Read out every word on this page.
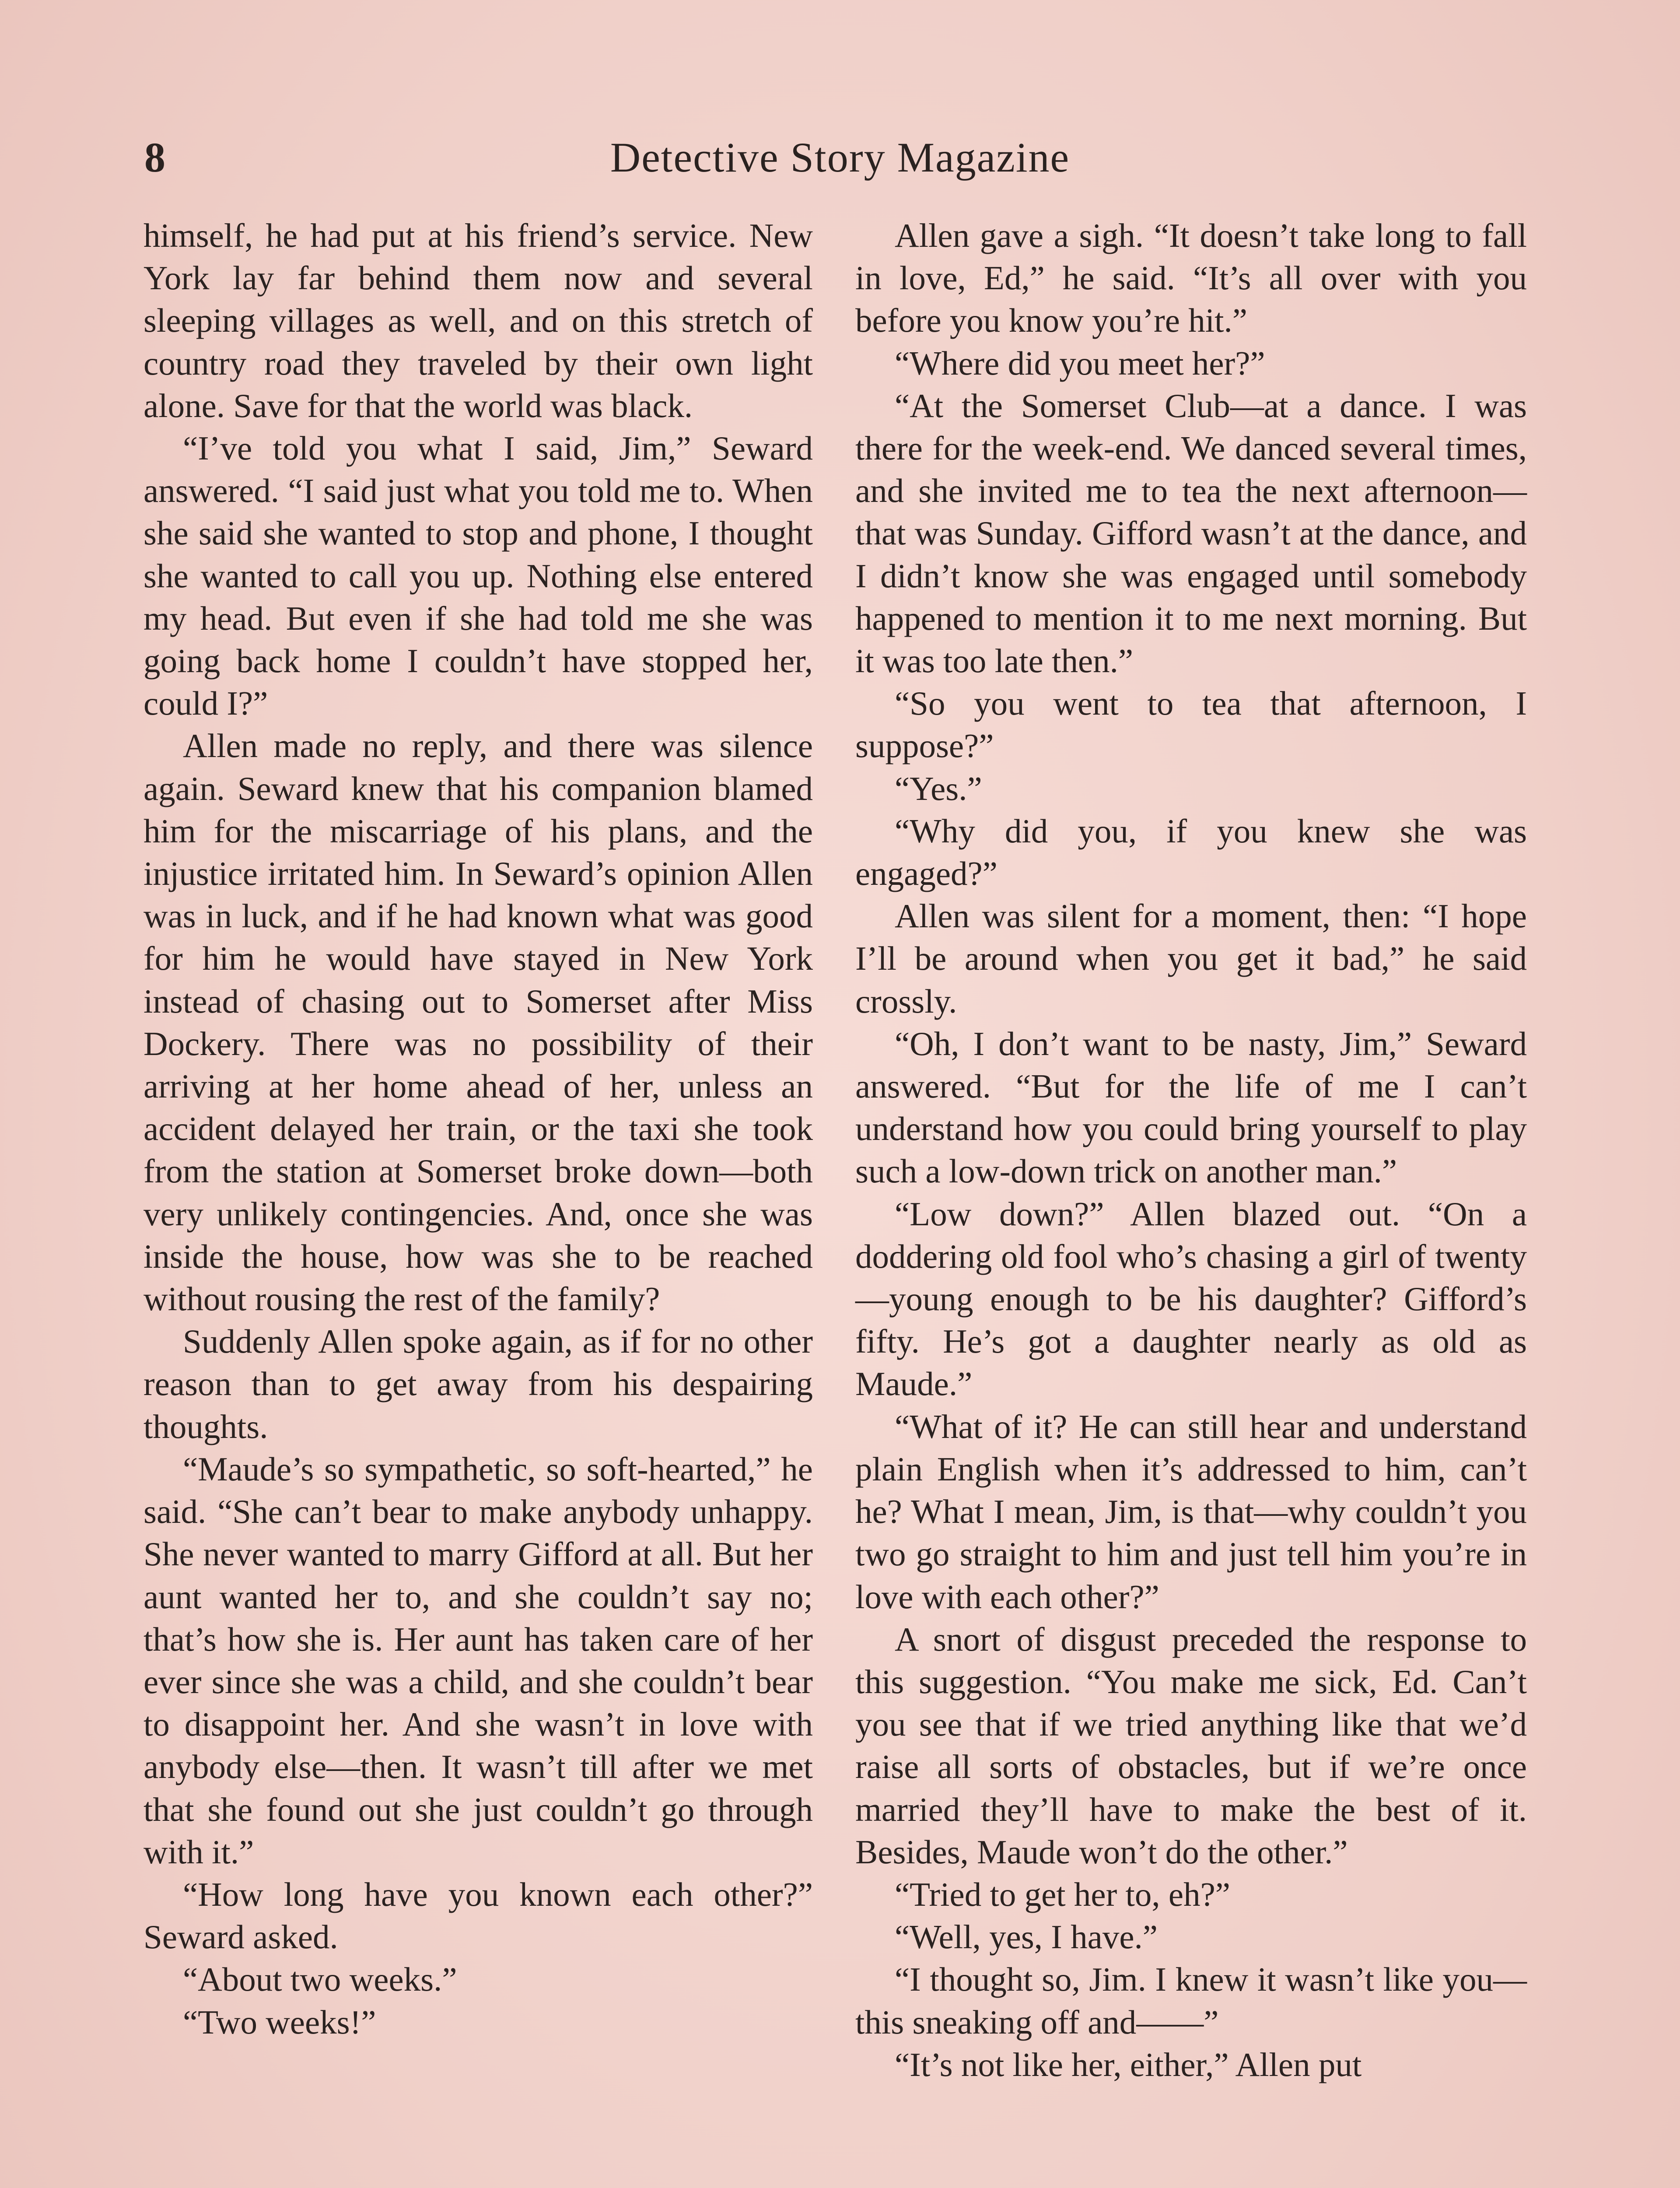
8	Detective Story Magazine

himself, he had put at his friend’s service. New York lay far behind them now and several sleeping villages as well, and on this stretch of country road they traveled by their own light alone. Save for that the world was black.

“I’ve told you what I said, Jim,” Seward answered. “I said just what you told me to. When she said she wanted to stop and phone, I thought she wanted to call you up. Nothing else entered my head. But even if she had told me she was going back home I couldn’t have stopped her, could I?”

Allen made no reply, and there was silence again. Seward knew that his companion blamed him for the miscarriage of his plans, and the injustice irritated him. In Seward’s opinion Allen was in luck, and if he had known what was good for him he would have stayed in New York instead of chasing out to Somerset after Miss Dockery. There was no possibility of their arriving at her home ahead of her, unless an accident delayed her train, or the taxi she took from the station at Somerset broke down—both very unlikely contingencies. And, once she was inside the house, how was she to be reached without rousing the rest of the family?

Suddenly Allen spoke again, as if for no other reason than to get away from his despairing thoughts.

“Maude’s so sympathetic, so soft-hearted,” he said. “She can’t bear to make anybody unhappy. She never wanted to marry Gifford at all. But her aunt wanted her to, and she couldn’t say no; that’s how she is. Her aunt has taken care of her ever since she was a child, and she couldn’t bear to disappoint her. And she wasn’t in love with anybody else—then. It wasn’t till after we met that she found out she just couldn’t go through with it.”

“How long have you known each other?” Seward asked.

“About two weeks.”

“Two weeks!”

Allen gave a sigh. “It doesn’t take long to fall in love, Ed,” he said. “It’s all over with you before you know you’re hit.”

“Where did you meet her?”

“At the Somerset Club—at a dance. I was there for the week-end. We danced several times, and she invited me to tea the next afternoon—that was Sunday. Gifford wasn’t at the dance, and I didn’t know she was engaged until somebody happened to mention it to me next morning. But it was too late then.”

“So you went to tea that afternoon, I suppose?”

“Yes.”

“Why did you, if you knew she was engaged?”

Allen was silent for a moment, then: “I hope I’ll be around when you get it bad,” he said crossly.

“Oh, I don’t want to be nasty, Jim,” Seward answered. “But for the life of me I can’t understand how you could bring yourself to play such a low-down trick on another man.”

“Low down?” Allen blazed out. “On a doddering old fool who’s chasing a girl of twenty—young enough to be his daughter? Gifford’s fifty. He’s got a daughter nearly as old as Maude.”

“What of it? He can still hear and understand plain English when it’s addressed to him, can’t he? What I mean, Jim, is that—why couldn’t you two go straight to him and just tell him you’re in love with each other?”

A snort of disgust preceded the response to this suggestion. “You make me sick, Ed. Can’t you see that if we tried anything like that we’d raise all sorts of obstacles, but if we’re once married they’ll have to make the best of it. Besides, Maude won’t do the other.”

“Tried to get her to, eh?”

“Well, yes, I have.”

“I thought so, Jim. I knew it wasn’t like you—this sneaking off and——”

“It’s not like her, either,” Allen put
